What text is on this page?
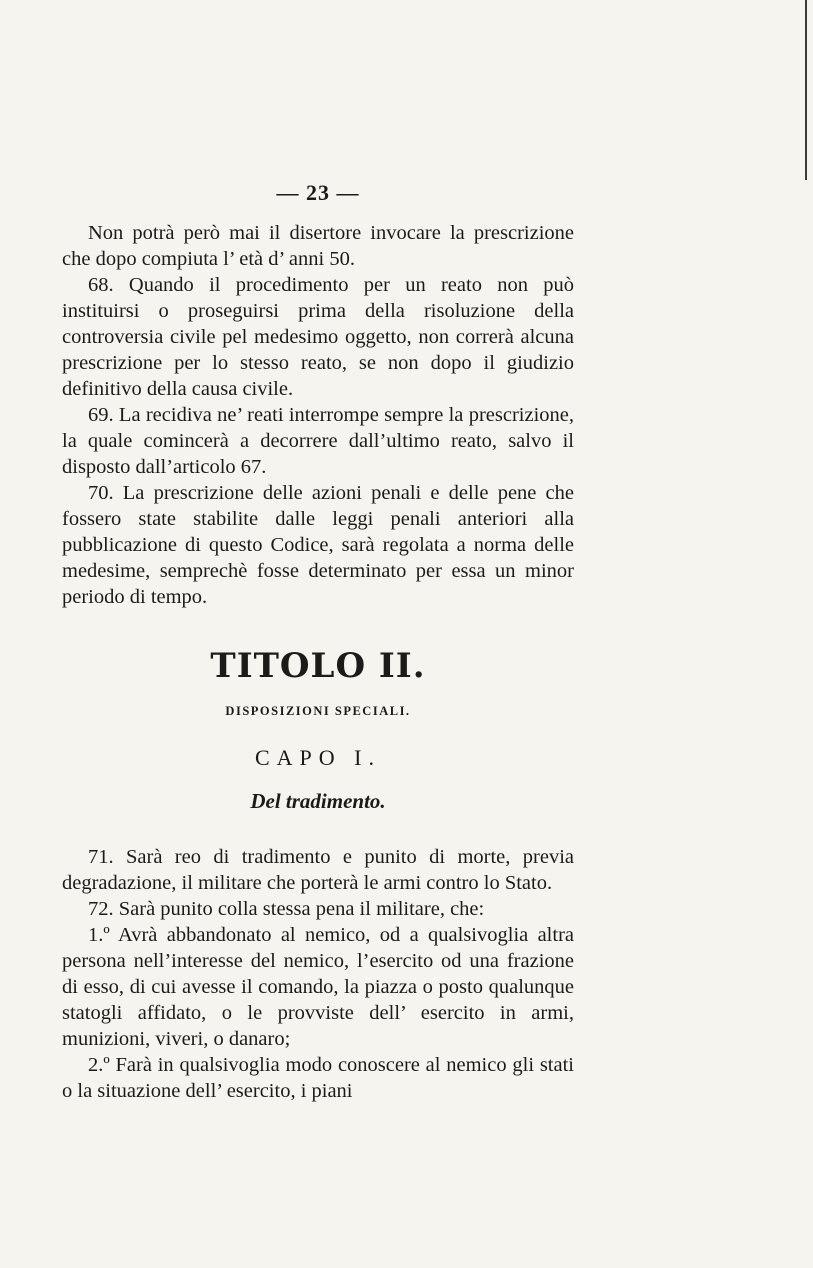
— 23 —

Non potrà però mai il disertore invocare la prescrizione che dopo compiuta l’ età d’ anni 50.

68. Quando il procedimento per un reato non può instituirsi o proseguirsi prima della risoluzione della controversia civile pel medesimo oggetto, non correrà alcuna prescrizione per lo stesso reato, se non dopo il giudizio definitivo della causa civile.

69. La recidiva ne’ reati interrompe sempre la prescrizione, la quale comincerà a decorrere dall’ultimo reato, salvo il disposto dall’articolo 67.

70. La prescrizione delle azioni penali e delle pene che fossero state stabilite dalle leggi penali anteriori alla pubblicazione di questo Codice, sarà regolata a norma delle medesime, semprechè fosse determinato per essa un minor periodo di tempo.

TITOLO II.
DISPOSIZIONI SPECIALI.
CAPO I.
Del tradimento.

71. Sarà reo di tradimento e punito di morte, previa degradazione, il militare che porterà le armi contro lo Stato.

72. Sarà punito colla stessa pena il militare, che:

1.º Avrà abbandonato al nemico, od a qualsivoglia altra persona nell’interesse del nemico, l’esercito od una frazione di esso, di cui avesse il comando, la piazza o posto qualunque statogli affidato, o le provviste dell’ esercito in armi, munizioni, viveri, o danaro;

2.º Farà in qualsivoglia modo conoscere al nemico gli stati o la situazione dell’ esercito, i piani
